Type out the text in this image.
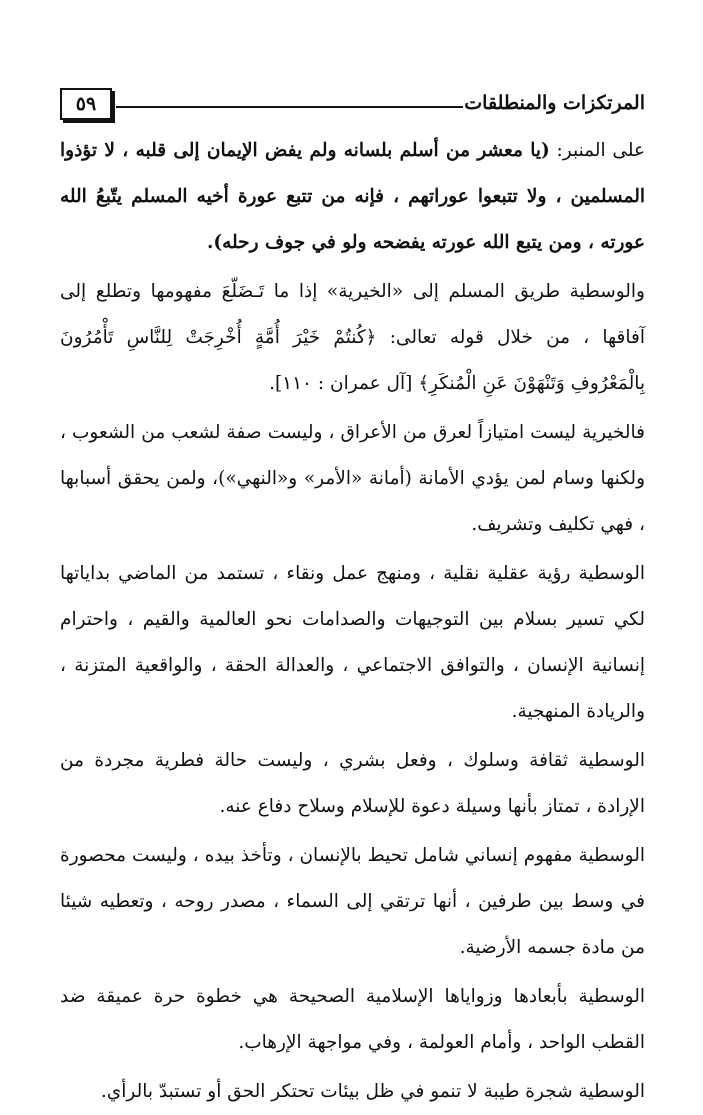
المرتكزات والمنطلقات
٥٩

على المنبر: (يا معشر من أسلم بلسانه ولم يفض الإيمان إلى قلبه ، لا تؤذوا المسلمين ، ولا تتبعوا عوراتهم ، فإنه من تتبع عورة أخيه المسلم يتّبعُ الله عورته ، ومن يتبع الله عورته يفضحه ولو في جوف رحله).

والوسطية طريق المسلم إلى «الخيرية» إذا ما تَـضَلّعَ مفهومها وتطلع إلى آفاقها ، من خلال قوله تعالى: ﴿كُنتُمْ خَيْرَ أُمَّةٍ أُخْرِجَتْ لِلنَّاسِ تَأْمُرُونَ بِالْمَعْرُوفِ وَتَنْهَوْنَ عَنِ الْمُنكَرِ﴾ [آل عمران : ١١٠].

فالخيرية ليست امتيازاً لعرق من الأعراق ، وليست صفة لشعب من الشعوب ، ولكنها وسام لمن يؤدي الأمانة (أمانة «الأمر» و«النهي»)، ولمن يحقق أسبابها ، فهي تكليف وتشريف.

الوسطية رؤية عقلية نقلية ، ومنهج عمل ونقاء ، تستمد من الماضي بداياتها لكي تسير بسلام بين التوجيهات والصدامات نحو العالمية والقيم ، واحترام إنسانية الإنسان ، والتوافق الاجتماعي ، والعدالة الحقة ، والواقعية المتزنة ، والريادة المنهجية.

الوسطية ثقافة وسلوك ، وفعل بشري ، وليست حالة فطرية مجردة من الإرادة ، تمتاز بأنها وسيلة دعوة للإسلام وسلاح دفاع عنه.

الوسطية مفهوم إنساني شامل تحيط بالإنسان ، وتأخذ بيده ، وليست محصورة في وسط بين طرفين ، أنها ترتقي إلى السماء ، مصدر روحه ، وتعطيه شيئا من مادة جسمه الأرضية.

الوسطية بأبعادها وزواياها الإسلامية الصحيحة هي خطوة حرة عميقة ضد القطب الواحد ، وأمام العولمة ، وفي مواجهة الإرهاب.

الوسطية شجرة طيبة لا تنمو في ظل بيئات تحتكر الحق أو تستبدّ بالرأي.
